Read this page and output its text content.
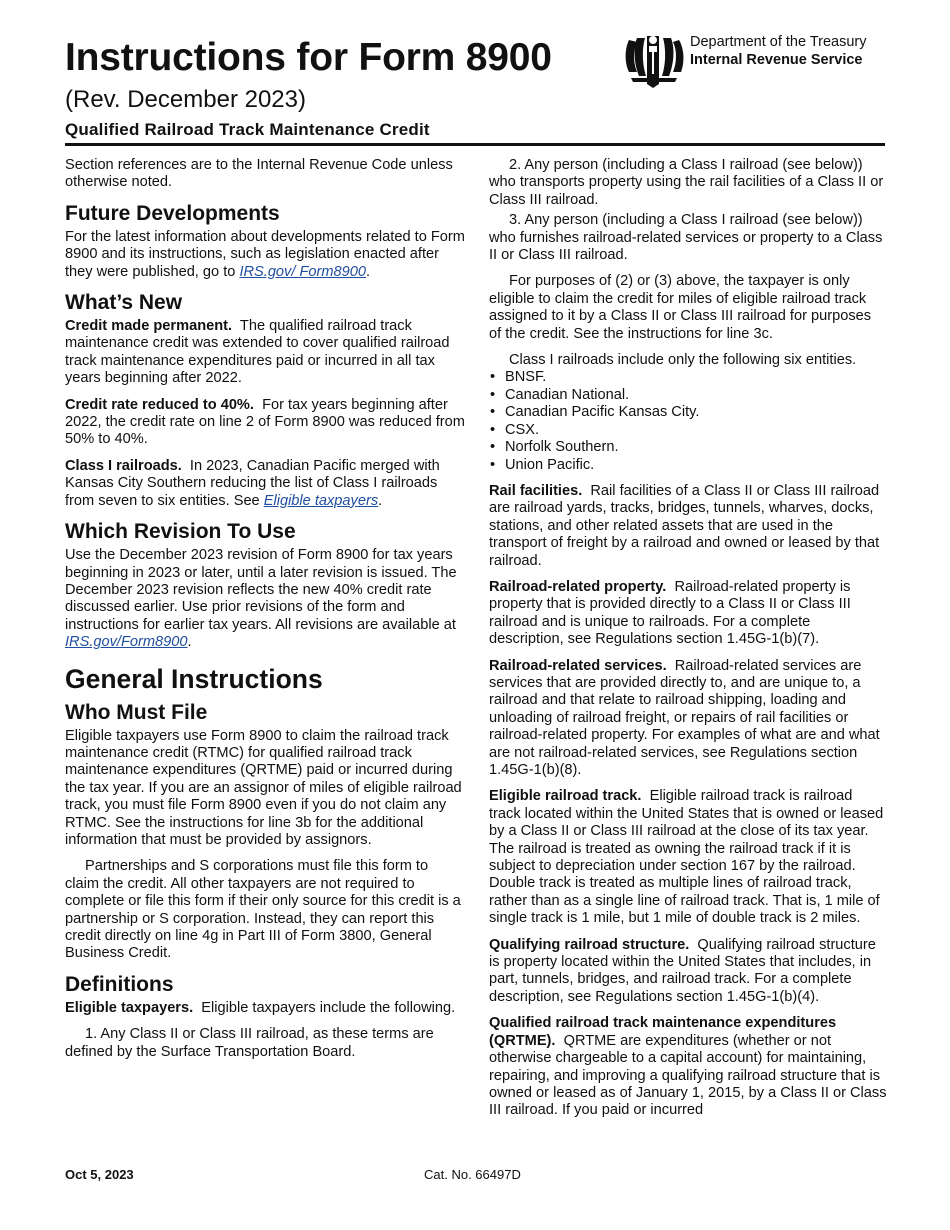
Instructions for Form 8900
(Rev. December 2023)
Qualified Railroad Track Maintenance Credit
Department of the Treasury
Internal Revenue Service

Section references are to the Internal Revenue Code unless otherwise noted.

Future Developments

For the latest information about developments related to Form 8900 and its instructions, such as legislation enacted after they were published, go to IRS.gov/ Form8900.

What’s New

Credit made permanent. The qualified railroad track maintenance credit was extended to cover qualified railroad track maintenance expenditures paid or incurred in all tax years beginning after 2022.

Credit rate reduced to 40%. For tax years beginning after 2022, the credit rate on line 2 of Form 8900 was reduced from 50% to 40%.

Class I railroads. In 2023, Canadian Pacific merged with Kansas City Southern reducing the list of Class I railroads from seven to six entities. See Eligible taxpayers.

Which Revision To Use

Use the December 2023 revision of Form 8900 for tax years beginning in 2023 or later, until a later revision is issued. The December 2023 revision reflects the new 40% credit rate discussed earlier. Use prior revisions of the form and instructions for earlier tax years. All revisions are available at IRS.gov/Form8900.

General Instructions
Who Must File

Eligible taxpayers use Form 8900 to claim the railroad track maintenance credit (RTMC) for qualified railroad track maintenance expenditures (QRTME) paid or incurred during the tax year. If you are an assignor of miles of eligible railroad track, you must file Form 8900 even if you do not claim any RTMC. See the instructions for line 3b for the additional information that must be provided by assignors.

Partnerships and S corporations must file this form to claim the credit. All other taxpayers are not required to complete or file this form if their only source for this credit is a partnership or S corporation. Instead, they can report this credit directly on line 4g in Part III of Form 3800, General Business Credit.

Definitions

Eligible taxpayers. Eligible taxpayers include the following.

1. Any Class II or Class III railroad, as these terms are defined by the Surface Transportation Board.

2. Any person (including a Class I railroad (see below)) who transports property using the rail facilities of a Class II or Class III railroad.

3. Any person (including a Class I railroad (see below)) who furnishes railroad-related services or property to a Class II or Class III railroad.

For purposes of (2) or (3) above, the taxpayer is only eligible to claim the credit for miles of eligible railroad track assigned to it by a Class II or Class III railroad for purposes of the credit. See the instructions for line 3c.

Class I railroads include only the following six entities.

• BNSF.
• Canadian National.
• Canadian Pacific Kansas City.
• CSX.
• Norfolk Southern.
• Union Pacific.

Rail facilities. Rail facilities of a Class II or Class III railroad are railroad yards, tracks, bridges, tunnels, wharves, docks, stations, and other related assets that are used in the transport of freight by a railroad and owned or leased by that railroad.

Railroad-related property. Railroad-related property is property that is provided directly to a Class II or Class III railroad and is unique to railroads. For a complete description, see Regulations section 1.45G-1(b)(7).

Railroad-related services. Railroad-related services are services that are provided directly to, and are unique to, a railroad and that relate to railroad shipping, loading and unloading of railroad freight, or repairs of rail facilities or railroad-related property. For examples of what are and what are not railroad-related services, see Regulations section 1.45G-1(b)(8).

Eligible railroad track. Eligible railroad track is railroad track located within the United States that is owned or leased by a Class II or Class III railroad at the close of its tax year. The railroad is treated as owning the railroad track if it is subject to depreciation under section 167 by the railroad. Double track is treated as multiple lines of railroad track, rather than as a single line of railroad track. That is, 1 mile of single track is 1 mile, but 1 mile of double track is 2 miles.

Qualifying railroad structure. Qualifying railroad structure is property located within the United States that includes, in part, tunnels, bridges, and railroad track. For a complete description, see Regulations section 1.45G-1(b)(4).

Qualified railroad track maintenance expenditures (QRTME). QRTME are expenditures (whether or not otherwise chargeable to a capital account) for maintaining, repairing, and improving a qualifying railroad structure that is owned or leased as of January 1, 2015, by a Class II or Class III railroad. If you paid or incurred

Oct 5, 2023	Cat. No. 66497D
